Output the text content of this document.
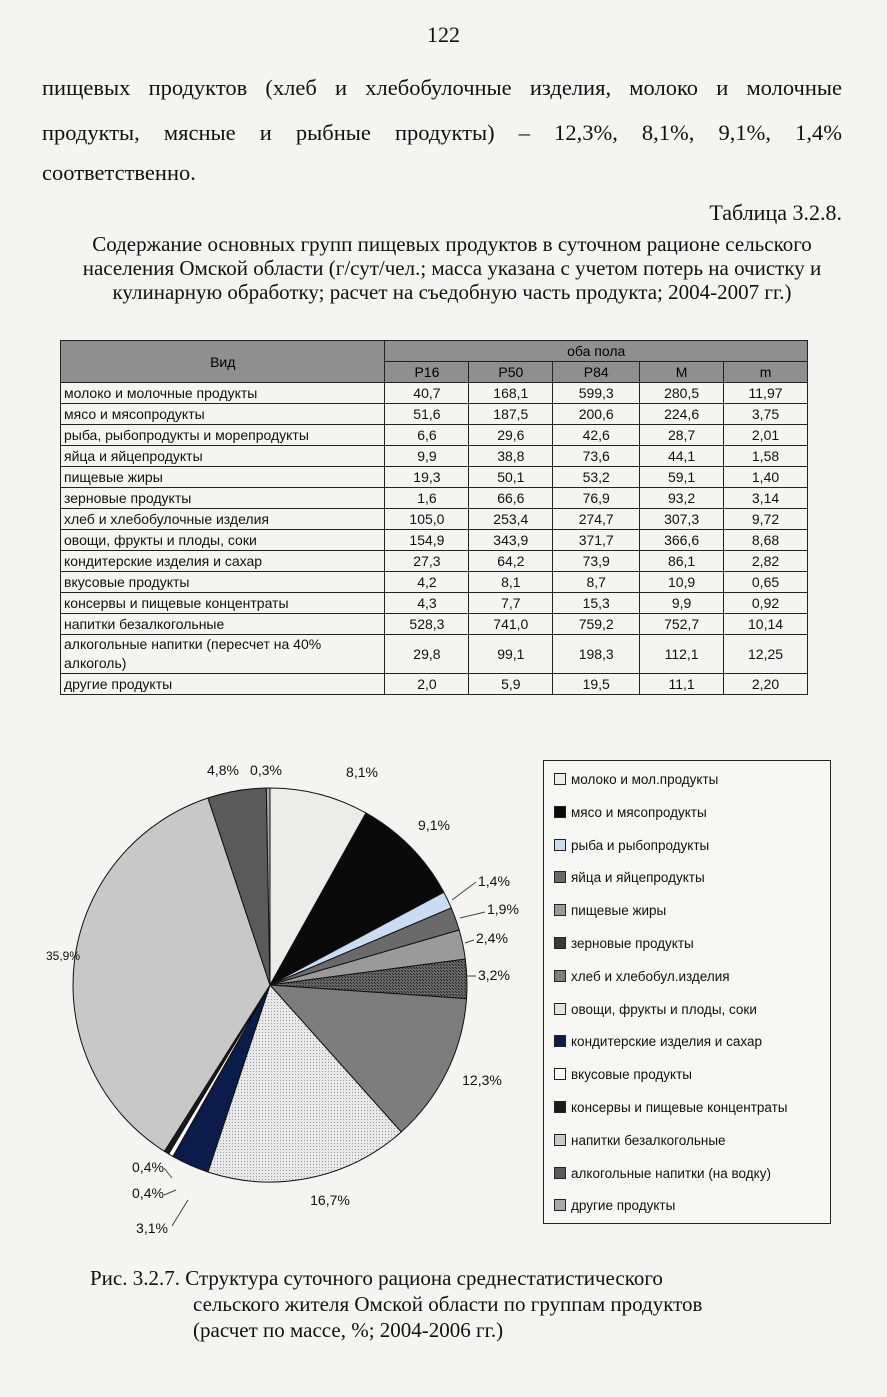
122
пищевых продуктов (хлеб и хлебобулочные изделия, молоко и молочные
продукты, мясные и рыбные продукты) – 12,3%, 8,1%, 9,1%, 1,4%
соответственно.
Таблица 3.2.8.
Содержание основных групп пищевых продуктов в суточном рационе сельского населения Омской области (г/сут/чел.; масса указана с учетом потерь на очистку и кулинарную обработку; расчет на съедобную часть продукта; 2004-2007 гг.)
Вид	оба пола				
	P16	P50	P84	M	m
молоко и молочные продукты	40,7	168,1	599,3	280,5	11,97
мясо и мясопродукты	51,6	187,5	200,6	224,6	3,75
рыба, рыбопродукты и морепродукты	6,6	29,6	42,6	28,7	2,01
яйца и яйцепродукты	9,9	38,8	73,6	44,1	1,58
пищевые жиры	19,3	50,1	53,2	59,1	1,40
зерновые продукты	1,6	66,6	76,9	93,2	3,14
хлеб и хлебобулочные изделия	105,0	253,4	274,7	307,3	9,72
овощи, фрукты и плоды, соки	154,9	343,9	371,7	366,6	8,68
кондитерские изделия и сахар	27,3	64,2	73,9	86,1	2,82
вкусовые продукты	4,2	8,1	8,7	10,9	0,65
консервы и пищевые концентраты	4,3	7,7	15,3	9,9	0,92
напитки безалкогольные	528,3	741,0	759,2	752,7	10,14
алкогольные напитки (пересчет на 40% алкоголь)	29,8	99,1	198,3	112,1	12,25
другие продукты	2,0	5,9	19,5	11,1	2,20
8,1%
9,1%
1,4%
1,9%
2,4%
3,2%
12,3%
16,7%
3,1%
0,4%
0,4%
35,9%
4,8% 0,3%
молоко и мол.продукты
мясо и мясопродукты
рыба и рыбопродукты
яйца и яйцепродукты
пищевые жиры
зерновые продукты
хлеб и хлебобул.изделия
овощи, фрукты и плоды, соки
кондитерские изделия и сахар
вкусовые продукты
консервы и пищевые концентраты
напитки безалкогольные
алкогольные напитки (на водку)
другие продукты
Рис. 3.2.7. Структура суточного рациона среднестатистического
сельского жителя Омской области по группам продуктов
(расчет по массе, %; 2004-2006 гг.)
